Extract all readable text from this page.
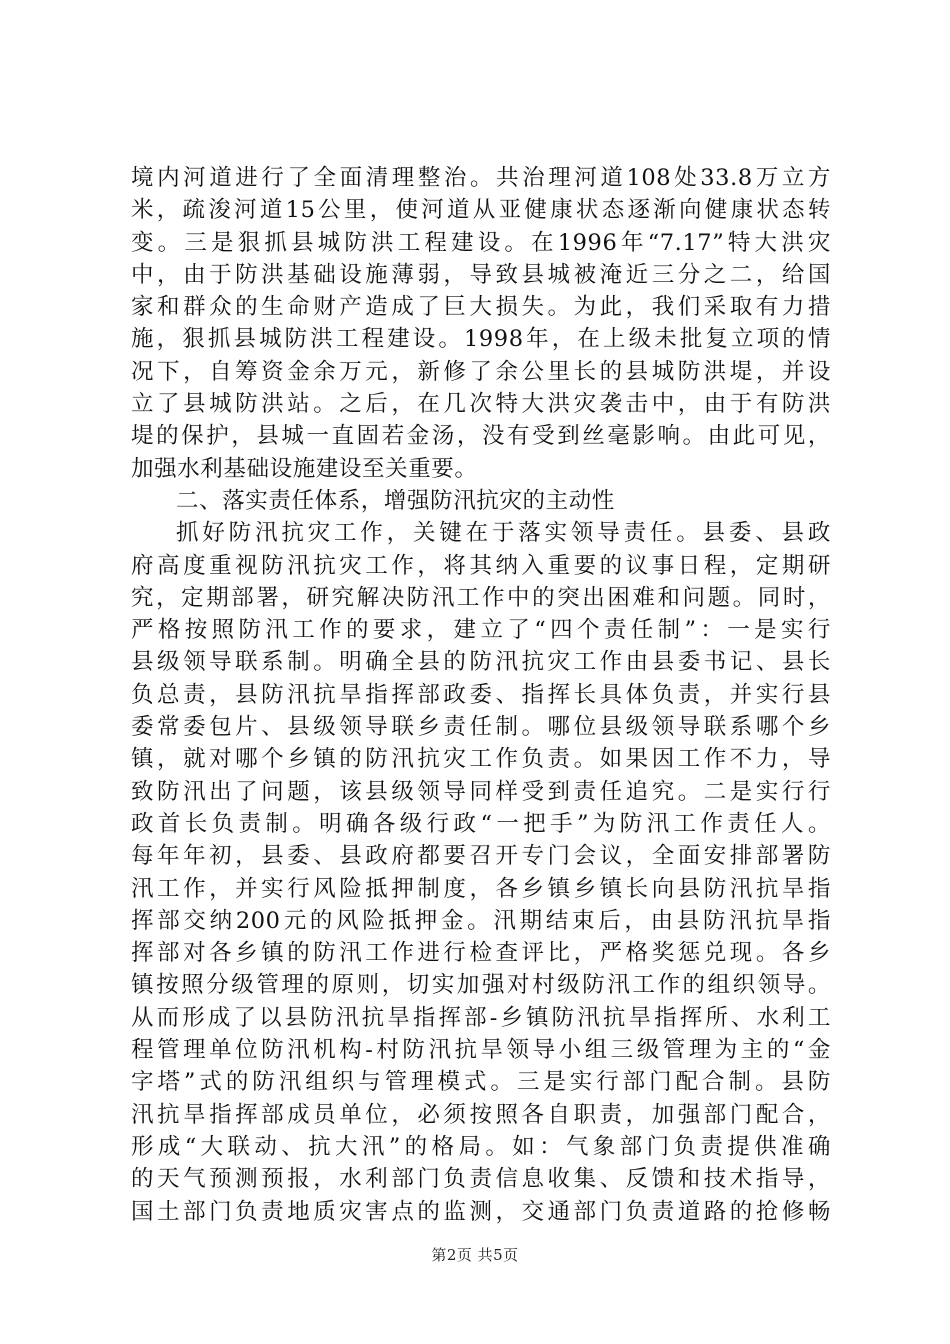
境内河道进行了全面清理整治。共治理河道108处33.8万立方
米，疏浚河道15公里，使河道从亚健康状态逐渐向健康状态转
变。三是狠抓县城防洪工程建设。在1996年“7.17”特大洪灾
中，由于防洪基础设施薄弱，导致县城被淹近三分之二，给国
家和群众的生命财产造成了巨大损失。为此，我们采取有力措
施，狠抓县城防洪工程建设。1998年，在上级未批复立项的情
况下，自筹资金余万元，新修了余公里长的县城防洪堤，并设
立了县城防洪站。之后，在几次特大洪灾袭击中，由于有防洪
堤的保护，县城一直固若金汤，没有受到丝毫影响。由此可见，
加强水利基础设施建设至关重要。
二、落实责任体系，增强防汛抗灾的主动性
抓好防汛抗灾工作，关键在于落实领导责任。县委、县政
府高度重视防汛抗灾工作，将其纳入重要的议事日程，定期研
究，定期部署，研究解决防汛工作中的突出困难和问题。同时，
严格按照防汛工作的要求，建立了“四个责任制”：一是实行
县级领导联系制。明确全县的防汛抗灾工作由县委书记、县长
负总责，县防汛抗旱指挥部政委、指挥长具体负责，并实行县
委常委包片、县级领导联乡责任制。哪位县级领导联系哪个乡
镇，就对哪个乡镇的防汛抗灾工作负责。如果因工作不力，导
致防汛出了问题，该县级领导同样受到责任追究。二是实行行
政首长负责制。明确各级行政“一把手”为防汛工作责任人。
每年年初，县委、县政府都要召开专门会议，全面安排部署防
汛工作，并实行风险抵押制度，各乡镇乡镇长向县防汛抗旱指
挥部交纳200元的风险抵押金。汛期结束后，由县防汛抗旱指
挥部对各乡镇的防汛工作进行检查评比，严格奖惩兑现。各乡
镇按照分级管理的原则，切实加强对村级防汛工作的组织领导。
从而形成了以县防汛抗旱指挥部-乡镇防汛抗旱指挥所、水利工
程管理单位防汛机构-村防汛抗旱领导小组三级管理为主的“金
字塔”式的防汛组织与管理模式。三是实行部门配合制。县防
汛抗旱指挥部成员单位，必须按照各自职责，加强部门配合，
形成“大联动、抗大汛”的格局。如：气象部门负责提供准确
的天气预测预报，水利部门负责信息收集、反馈和技术指导，
国土部门负责地质灾害点的监测，交通部门负责道路的抢修畅
第2页 共5页
